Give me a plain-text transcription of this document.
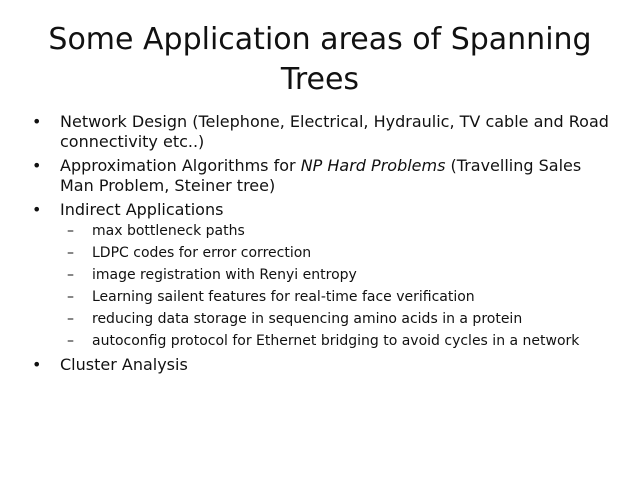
Some Application areas of Spanning Trees
• Network Design (Telephone, Electrical, Hydraulic, TV cable and Road connectivity etc..)
• Approximation Algorithms for NP Hard Problems (Travelling Sales Man Problem, Steiner tree)
• Indirect Applications
– max bottleneck paths
– LDPC codes for error correction
– image registration with Renyi entropy
– Learning sailent features for real-time face verification
– reducing data storage in sequencing amino acids in a protein
– autoconfig protocol for Ethernet bridging to avoid cycles in a network
• Cluster Analysis
